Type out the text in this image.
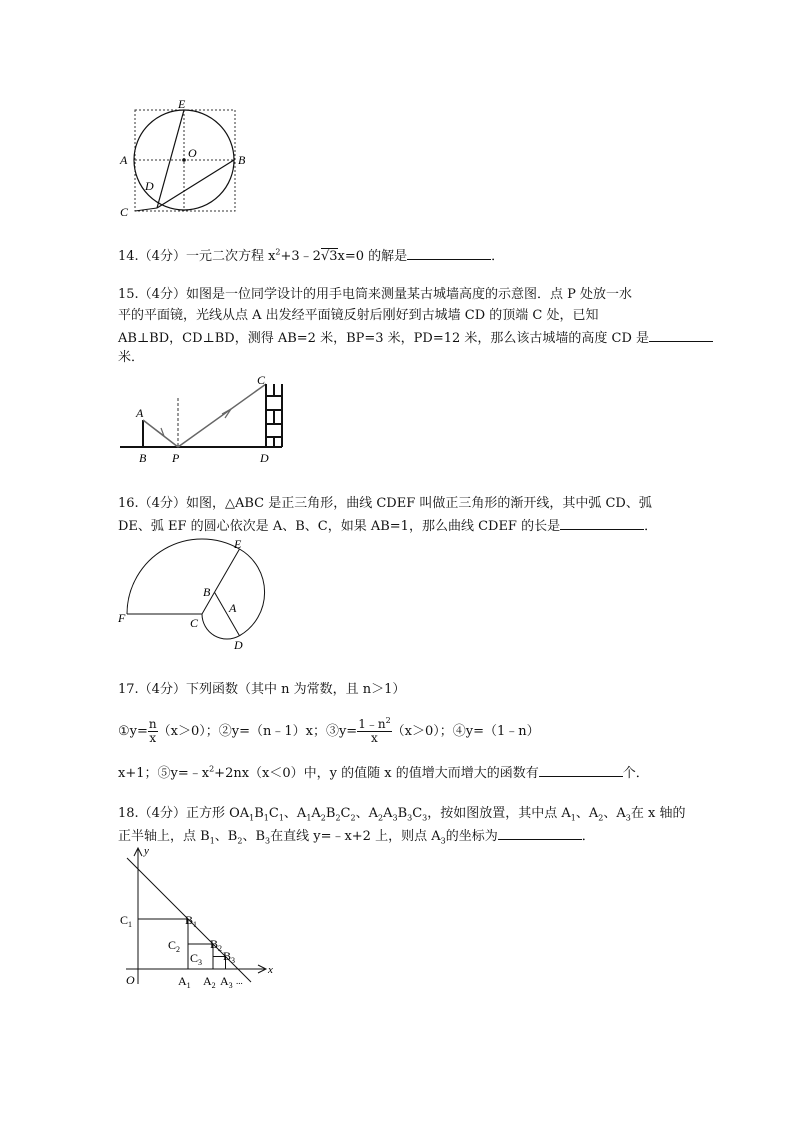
E
A	O	B
D
C
14.（4分）一元二次方程 $x^2+3﹣2√3x=0$ 的解是	．
15.（4分）如图是一位同学设计的用手电筒来测量某古城墙高度的示意图．点 P 处放一水
平的平面镜，光线从点 A 出发经平面镜反射后刚好到古城墙 CD 的顶端 C 处，已知
AB⊥BD，CD⊥BD，测得 AB=2 米，BP=3 米，PD=12 米，那么该古城墙的高度 CD 是
米．
A
B P
C
D
16.（4分）如图，△ABC 是正三角形，曲线 CDEF 叫做正三角形的渐开线，其中弧 CD、弧
DE、弧 EF 的圆心依次是 A、B、C，如果 AB=1，那么曲线 CDEF 的长是	．
E
B
A
F	C
D
17.（4分）下列函数（其中 n 为常数，且 n＞1）
①y= $\frac{n}{x} (x>0)$；②y=（n﹣1）x；③y= $\frac{1﹣n^2}{x} (x>0)$；④y=（1﹣n）
x+1；$⑤y=﹣x^2+2nx(x<0)$中，y 的值随 x 的值增大而增大的函数有	个．
18.（4分）正方形 $OA_1B_1C_1$、$A_1A_2B_2C_2$、$A_2A_3B_3C_3$，按如图放置，其中点 $A_1$、$A_2$、$A_3$在 x 轴的
正半轴上，点 $B_1$、$B_2$、$B_3$在直线 y=﹣x+2 上，则点 $A_3$的坐标为	．
y
x
O
$C_1$	$B_1$
$C_2$ $B_2$
$C_3$ $B_3$
$A_1$ $A_2$ $A_3$ ...
